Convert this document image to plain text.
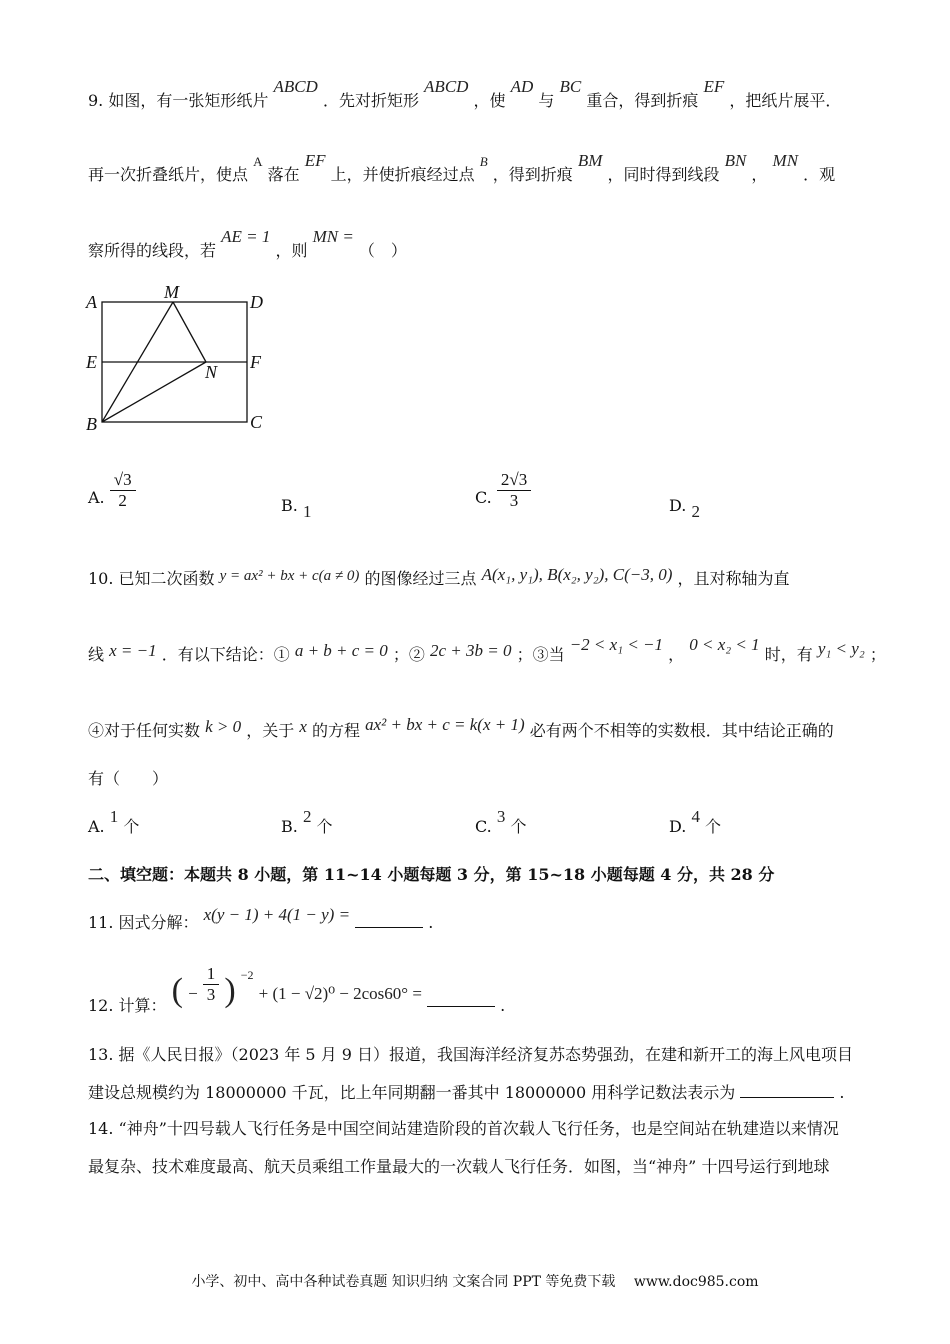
9. 如图，有一张矩形纸片 ABCD ．先对折矩形 ABCD ，使 AD 与 BC 重合，得到折痕 EF ，把纸片展平．
再一次折叠纸片，使点 $^A$ 落在 EF 上，并使折痕经过点 $^B$ ，得到折痕 BM ，同时得到线段 BN ， MN ．观
察所得的线段，若 AE = 1 ，则 MN = （　）
A	M	D
E	F
N
B	C
A. $\frac{√3}{2}$	B. 1
C. $\frac{2√3}{3}$	D. 2
10. 已知二次函数 y = ax² + bx + c(a ≠ 0) 的图像经过三点 A(x₁, y₁), B(x₂, y₂), C(−3, 0) ，且对称轴为直
线 x = −1 ．有以下结论：① a + b + c = 0 ；② 2c + 3b = 0 ；③当 −2 < x₁ < −1 ， 0 < x₂ < 1 时，有 y₁ < y₂ ；
④对于任何实数 k > 0 ，关于 x 的方程 ax² + bx + c = k(x + 1) 必有两个不相等的实数根．其中结论正确的
有（　　）
A. 1 个	B. 2 个	C. 3 个	D. 4 个
二、填空题：本题共 8 小题，第 11~14 小题每题 3 分，第 15~18 小题每题 4 分，共 28 分
11. 因式分解： x(y − 1) + 4(1 − y) =	.
12. 计算： ( − $\frac{1}{3}$ ) $^{-2}$ + (1 − √2)⁰ − 2cos60° =  .
13. 据《人民日报》（2023 年 5 月 9 日）报道，我国海洋经济复苏态势强劲，在建和新开工的海上风电项目
建设总规模约为 18000000 千瓦，比上年同期翻一番其中 18000000 用科学记数法表示为	.
14. “神舟”十四号载人飞行任务是中国空间站建造阶段的首次载人飞行任务，也是空间站在轨建造以来情况
最复杂、技术难度最高、航天员乘组工作量最大的一次载人飞行任务．如图，当“神舟” 十四号运行到地球
小学、初中、高中各种试卷真题 知识归纳 文案合同 PPT 等免费下载　 www.doc985.com
